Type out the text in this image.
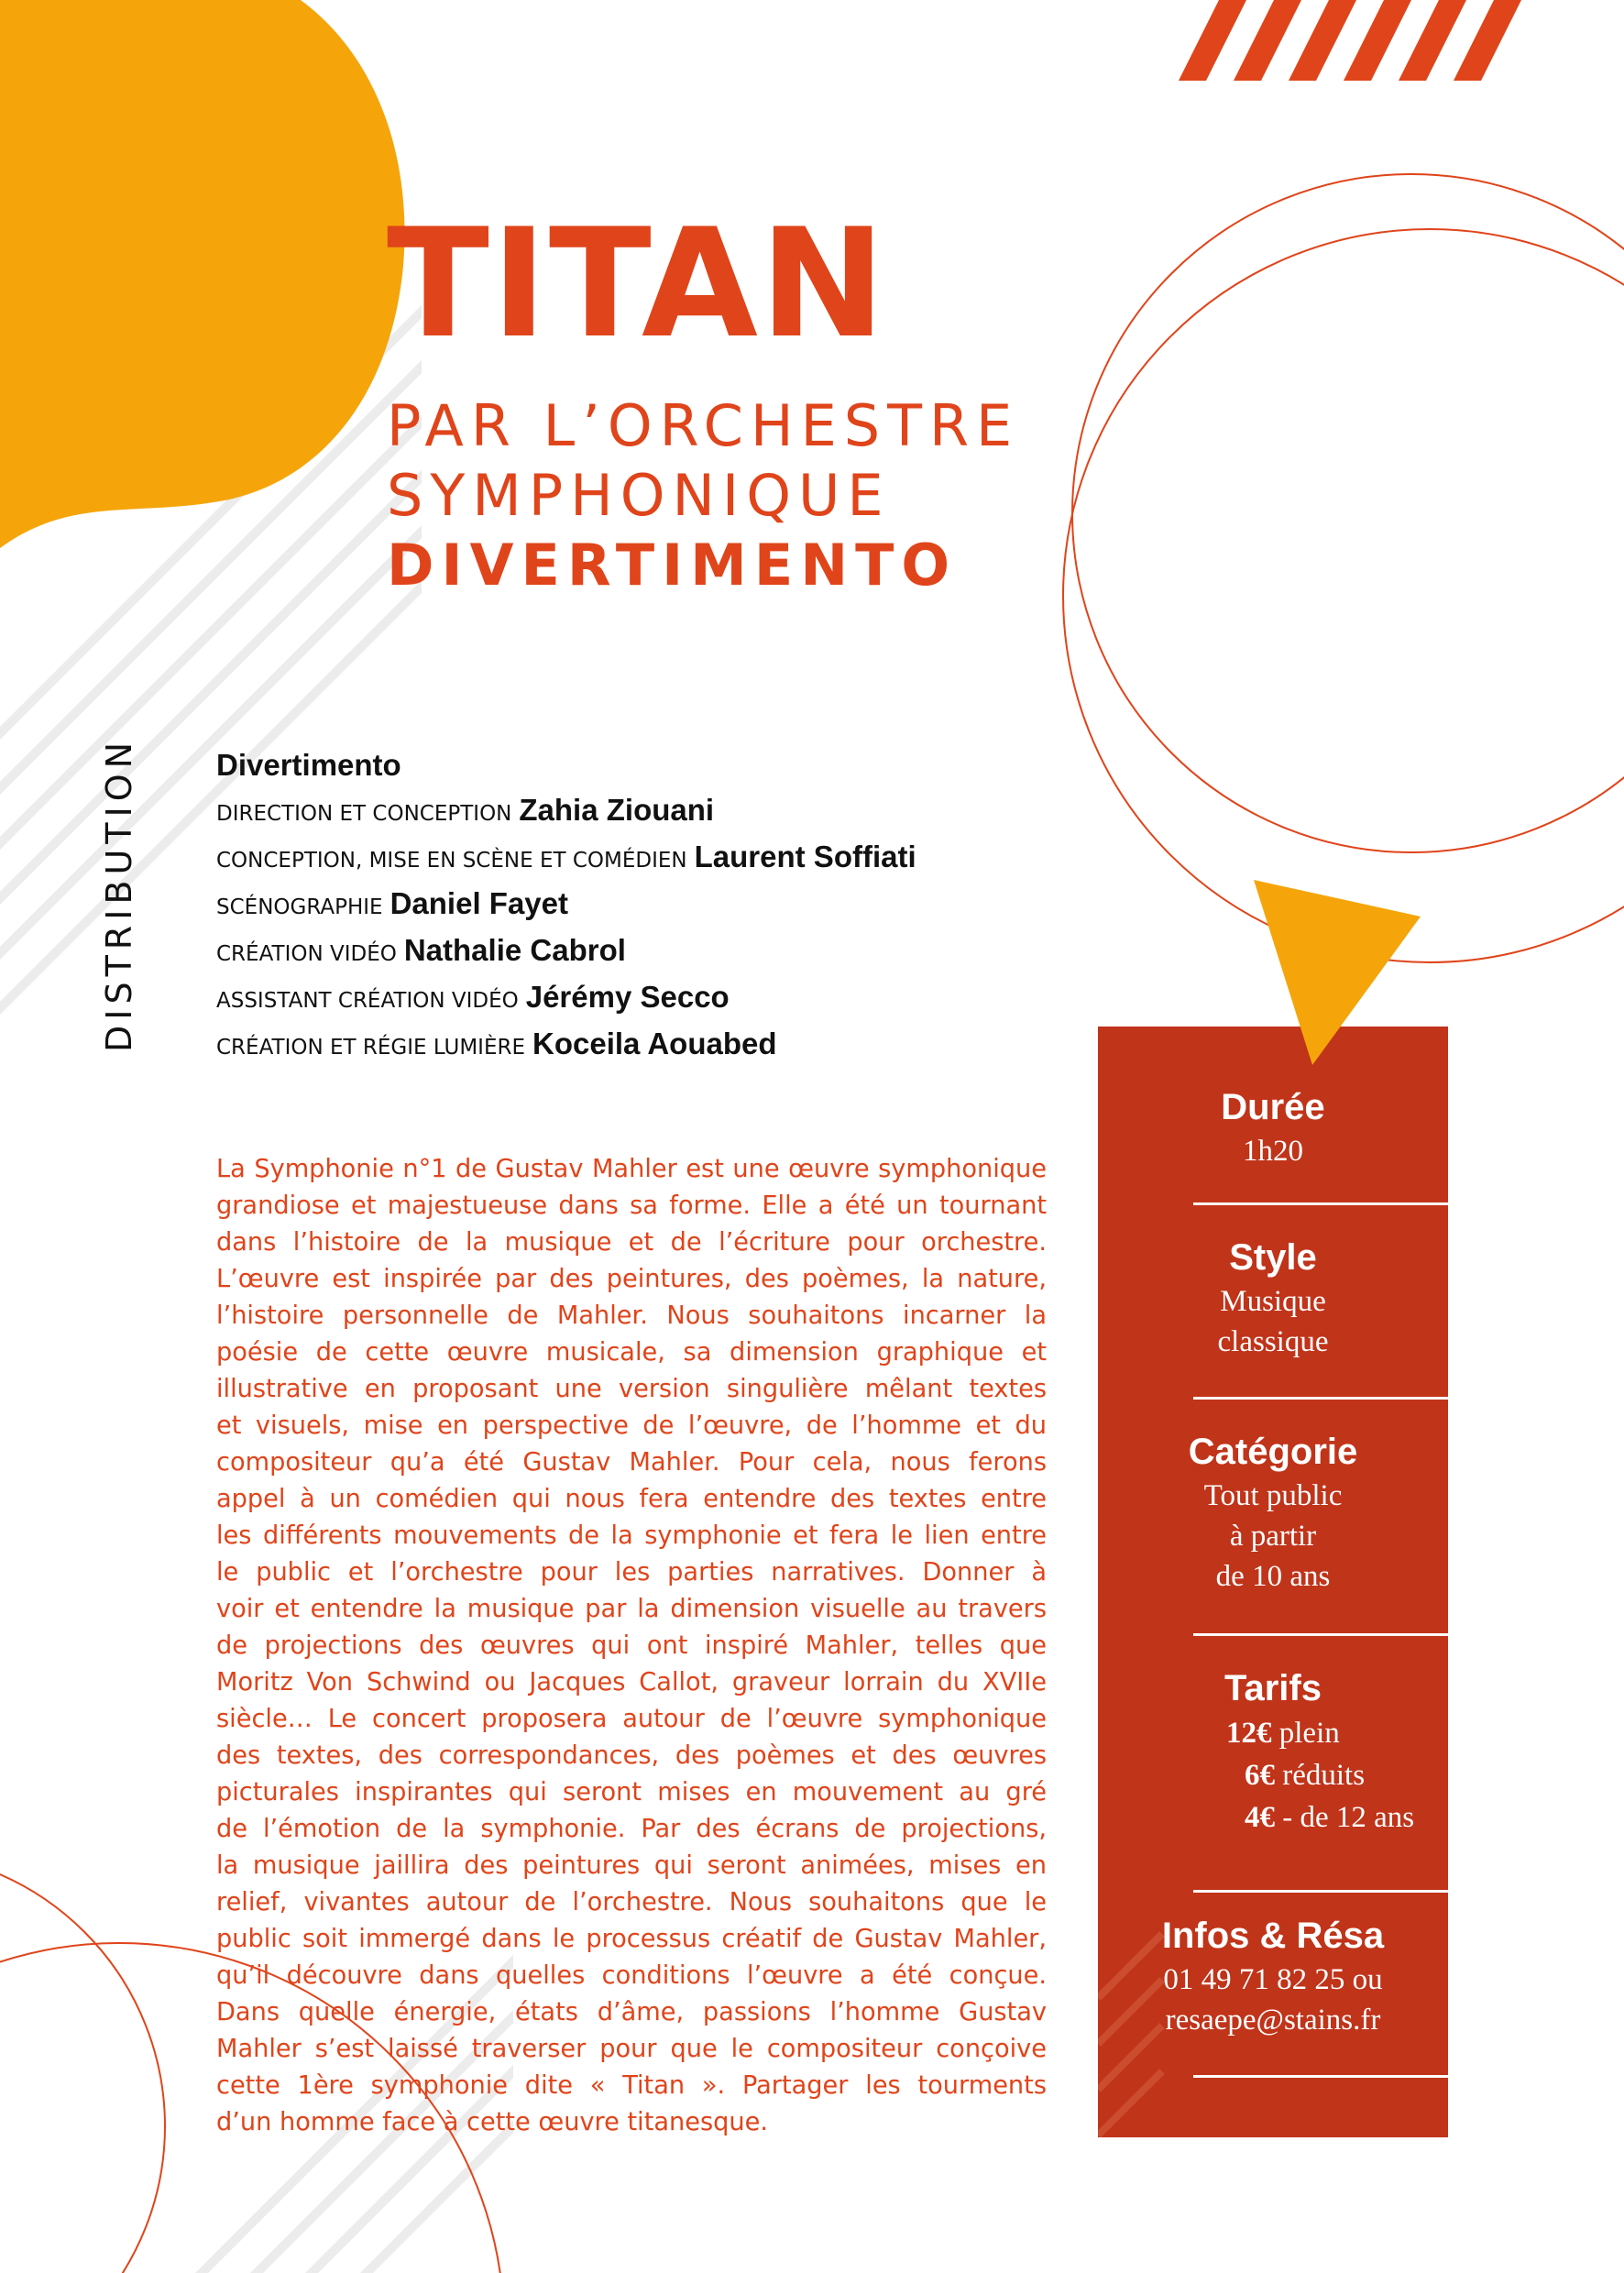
TITAN
PAR L’ORCHESTRE
SYMPHONIQUE
DIVERTIMENTO
DISTRIBUTION	Divertimento
DIRECTION ET CONCEPTION Zahia Ziouani
CONCEPTION, MISE EN SCÈNE ET COMÉDIEN Laurent Soffiati
SCÉNOGRAPHIE Daniel Fayet
CRÉATION VIDÉO Nathalie Cabrol
ASSISTANT CRÉATION VIDÉO Jérémy Secco
CRÉATION ET RÉGIE LUMIÈRE Koceila Aouabed
La Symphonie n°1 de Gustav Mahler est une œuvre symphonique
grandiose et majestueuse dans sa forme. Elle a été un tournant
dans l’histoire de la musique et de l’écriture pour orchestre.
L’œuvre est inspirée par des peintures, des poèmes, la nature,
l’histoire personnelle de Mahler. Nous souhaitons incarner la
poésie de cette œuvre musicale, sa dimension graphique et
illustrative en proposant une version singulière mêlant textes
et visuels, mise en perspective de l’œuvre, de l’homme et du
compositeur qu’a été Gustav Mahler. Pour cela, nous ferons
appel à un comédien qui nous fera entendre des textes entre
les différents mouvements de la symphonie et fera le lien entre
le public et l’orchestre pour les parties narratives. Donner à
voir et entendre la musique par la dimension visuelle au travers
de projections des œuvres qui ont inspiré Mahler, telles que
Moritz Von Schwind ou Jacques Callot, graveur lorrain du XVIIe
siècle… Le concert proposera autour de l’œuvre symphonique
des textes, des correspondances, des poèmes et des œuvres
picturales inspirantes qui seront mises en mouvement au gré
de l’émotion de la symphonie. Par des écrans de projections,
la musique jaillira des peintures qui seront animées, mises en
relief, vivantes autour de l’orchestre. Nous souhaitons que le
public soit immergé dans le processus créatif de Gustav Mahler,
qu’il découvre dans quelles conditions l’œuvre a été conçue.
Dans quelle énergie, états d’âme, passions l’homme Gustav
Mahler s’est laissé traverser pour que le compositeur conçoive
cette 1ère symphonie dite « Titan ». Partager les tourments
d’un homme face à cette œuvre titanesque.
Durée
1h20
Style
Musique
classique
Catégorie
Tout public
à partir
de 10 ans
Tarifs
12€ plein
6€ réduits
4€ - de 12 ans
Infos & Résa
01 49 71 82 25 ou
resaepe@stains.fr
